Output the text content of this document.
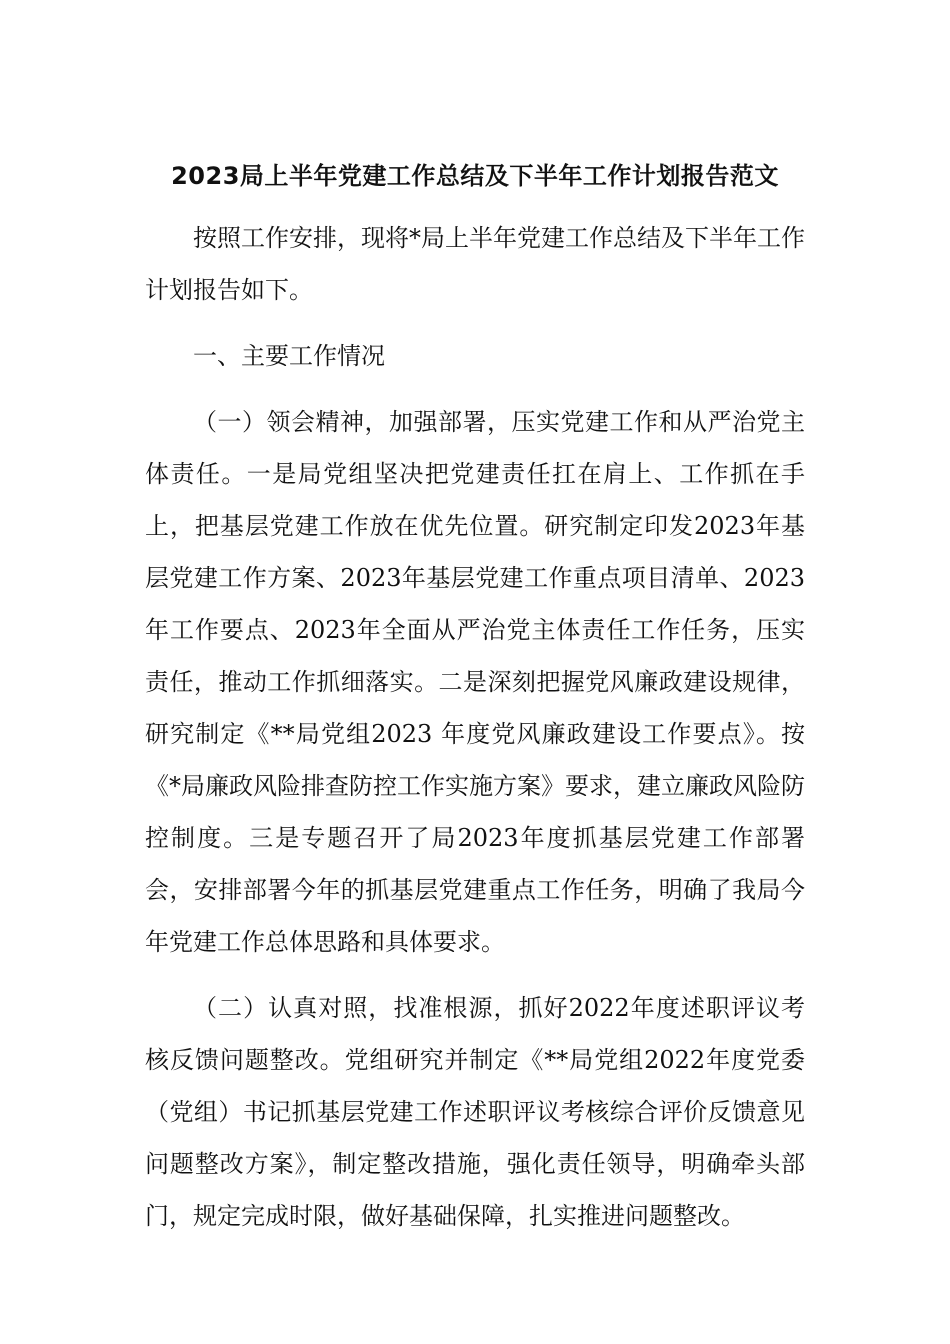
2023局上半年党建工作总结及下半年工作计划报告范文

按照工作安排，现将*局上半年党建工作总结及下半年工作计划报告如下。

一、主要工作情况

（一）领会精神，加强部署，压实党建工作和从严治党主体责任。一是局党组坚决把党建责任扛在肩上、工作抓在手上，把基层党建工作放在优先位置。研究制定印发2023年基层党建工作方案、2023年基层党建工作重点项目清单、2023年工作要点、2023年全面从严治党主体责任工作任务，压实责任，推动工作抓细落实。二是深刻把握党风廉政建设规律，研究制定《**局党组2023 年度党风廉政建设工作要点》。按《*局廉政风险排查防控工作实施方案》要求，建立廉政风险防控制度。三是专题召开了局2023年度抓基层党建工作部署会，安排部署今年的抓基层党建重点工作任务，明确了我局今年党建工作总体思路和具体要求。

（二）认真对照，找准根源，抓好2022年度述职评议考核反馈问题整改。党组研究并制定《**局党组2022年度党委（党组）书记抓基层党建工作述职评议考核综合评价反馈意见问题整改方案》，制定整改措施，强化责任领导，明确牵头部门，规定完成时限，做好基础保障，扎实推进问题整改。
